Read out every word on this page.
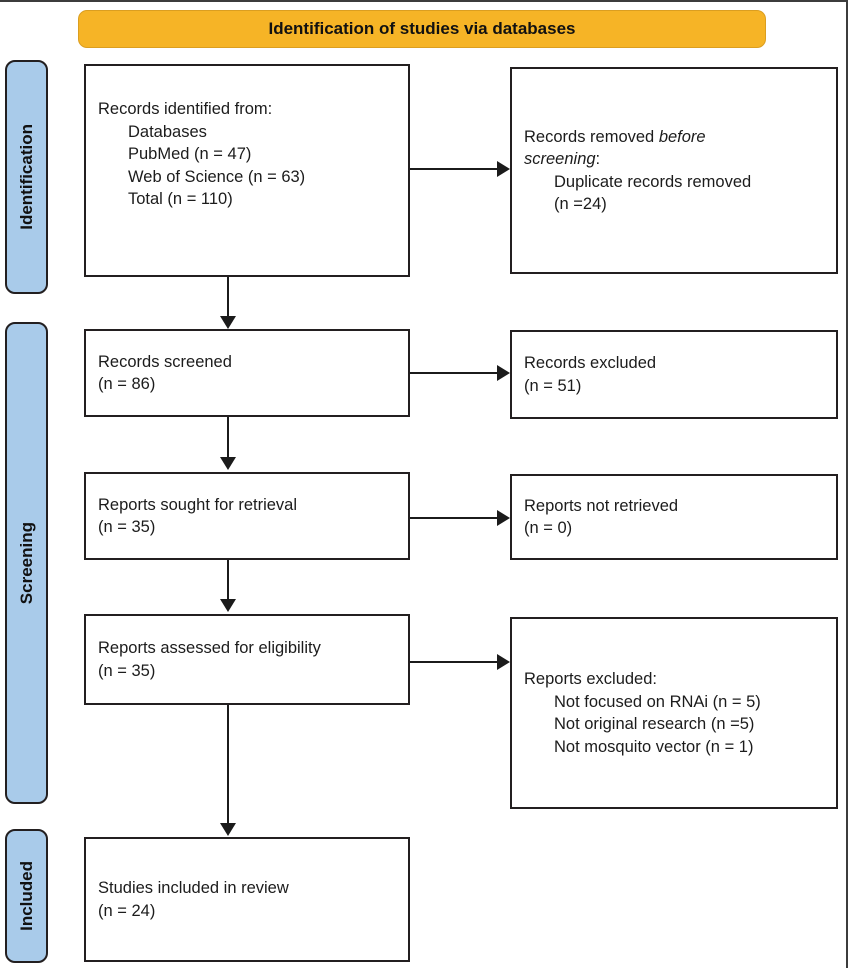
Identification of studies via databases
Identification
Screening
Included
Records identified from:
Databases
PubMed (n = 47)
Web of Science (n = 63)
Total (n = 110)
Records screened
(n = 86)
Reports sought for retrieval
(n = 35)
Reports assessed for eligibility
(n = 35)
Studies included in review
(n = 24)
Records removed before screening:
Duplicate records removed (n =24)
Records excluded
(n = 51)
Reports not retrieved
(n = 0)
Reports excluded:
Not focused on RNAi (n = 5)
Not original research (n =5)
Not mosquito vector (n = 1)
